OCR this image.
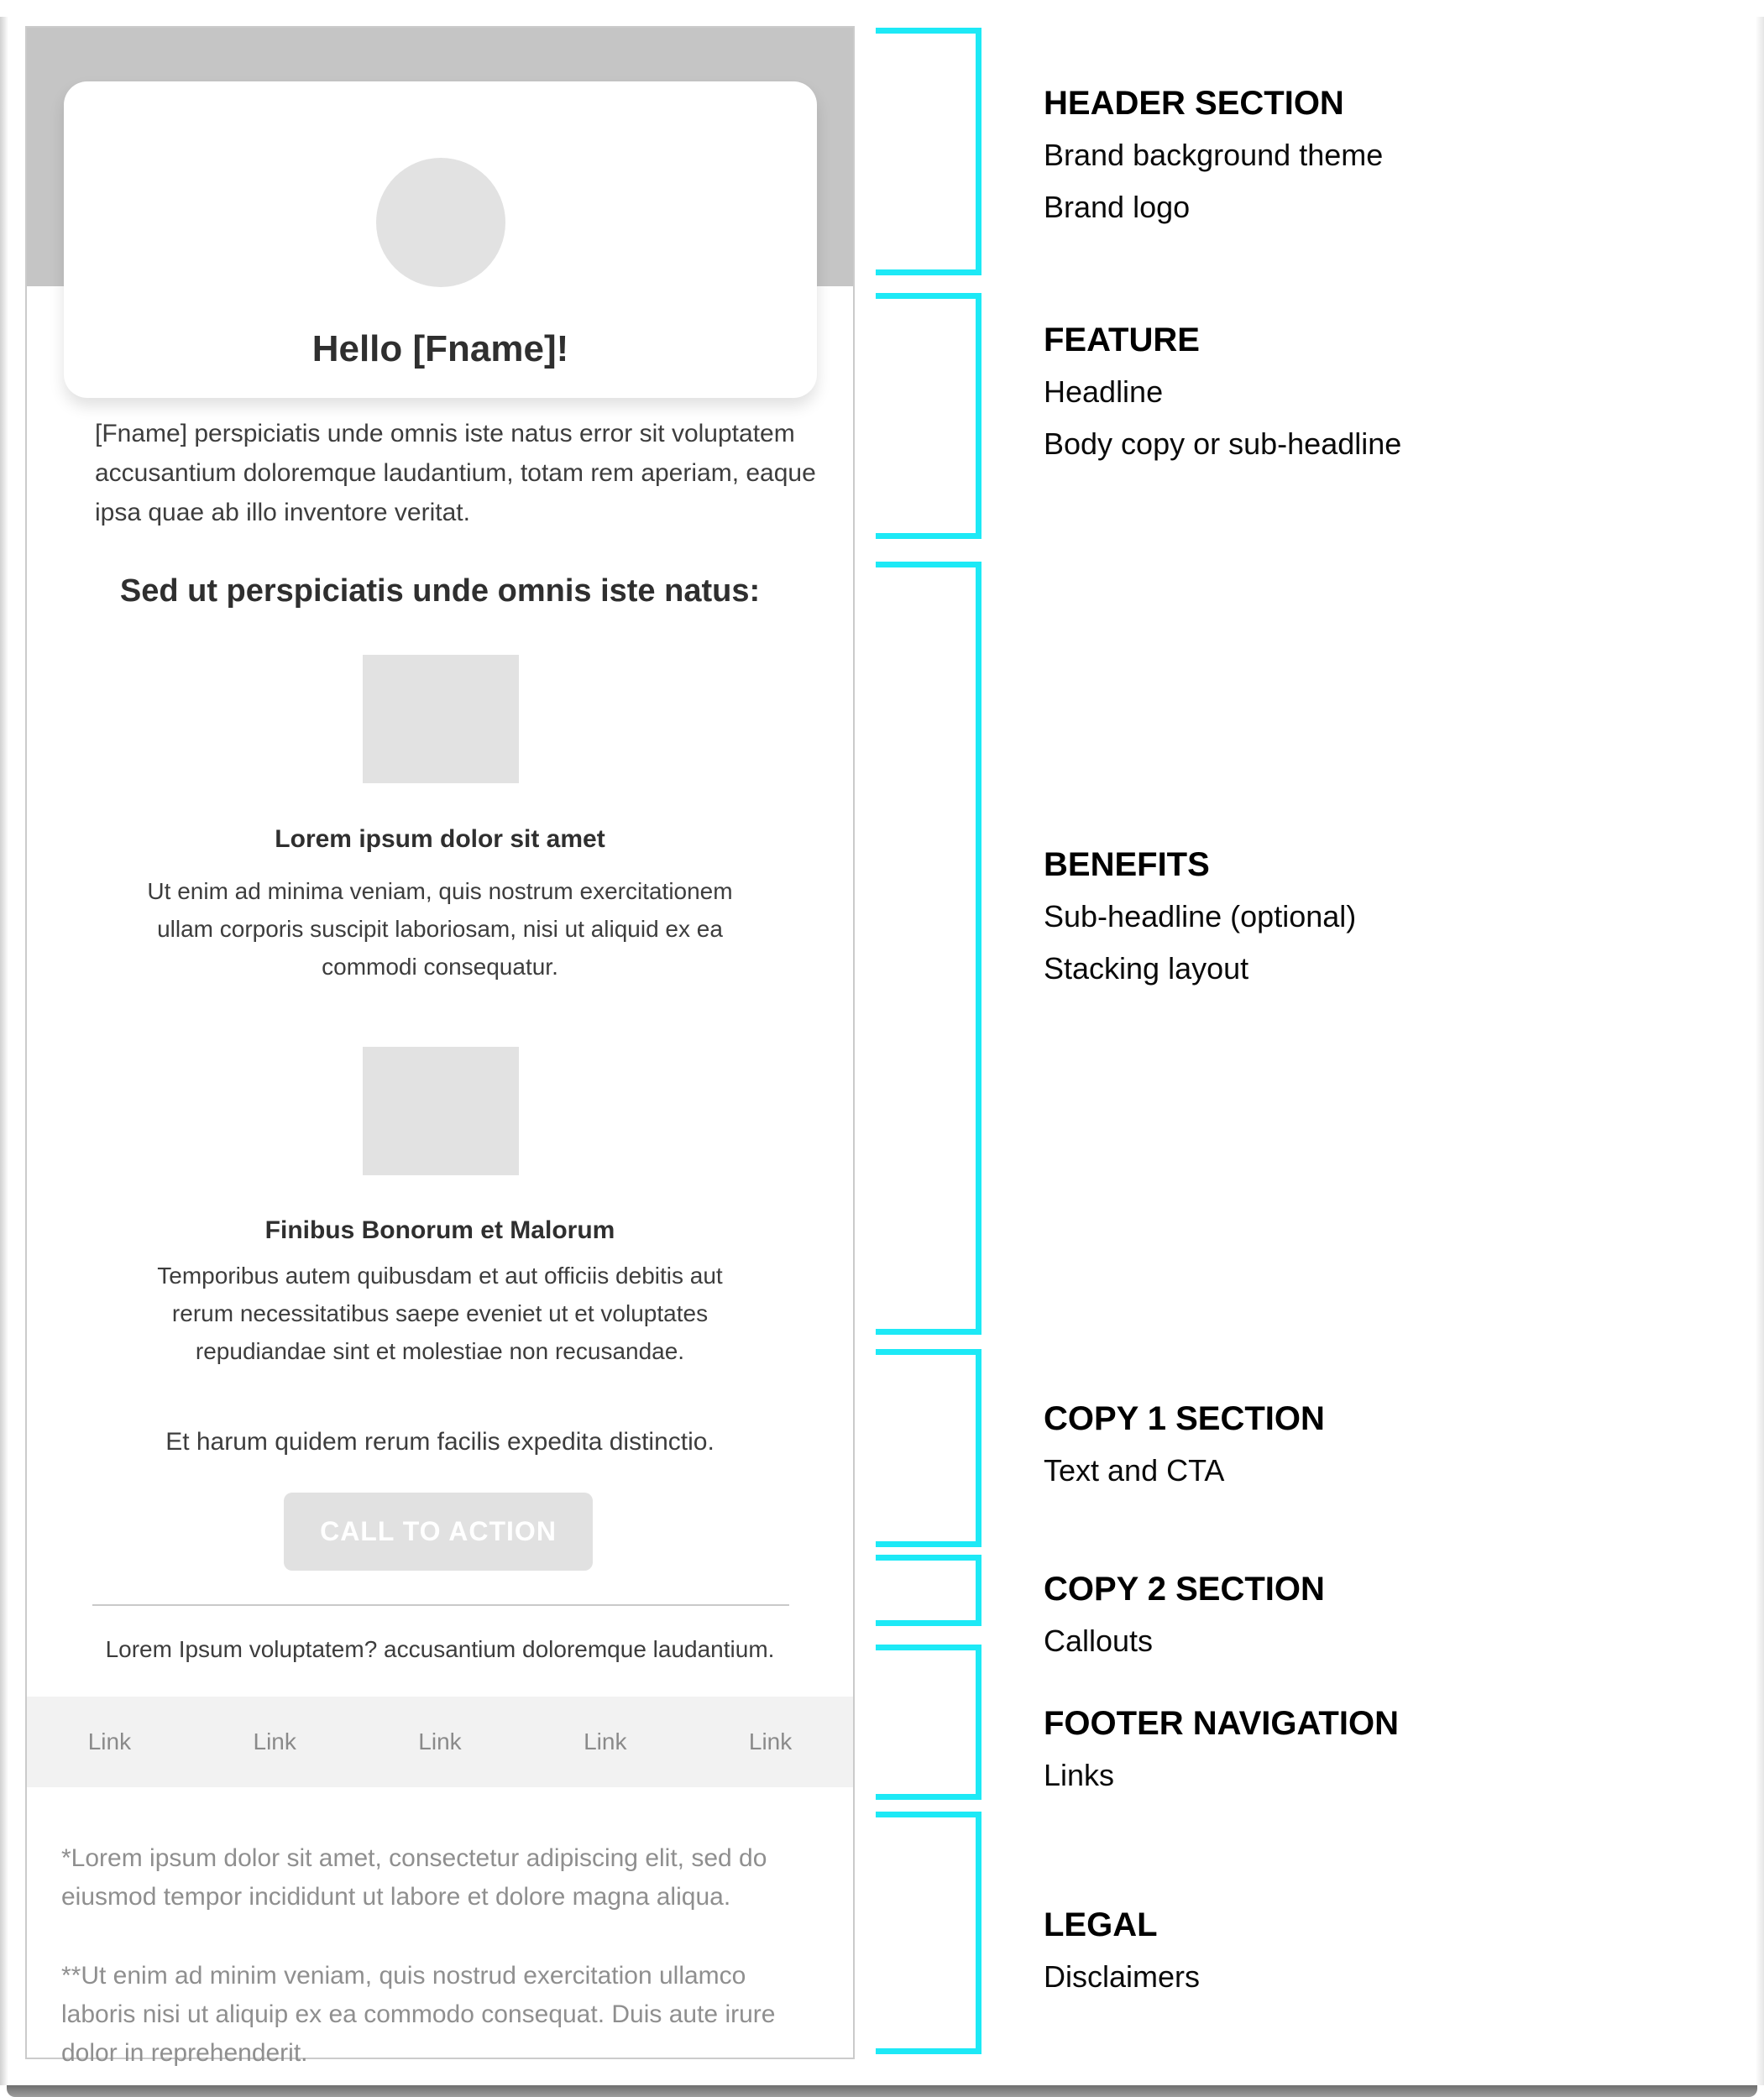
Hello [Fname]!
[Fname] perspiciatis unde omnis iste natus error sit voluptatem accusantium doloremque laudantium, totam rem aperiam, eaque ipsa quae ab illo inventore veritat.
Sed ut perspiciatis unde omnis iste natus:
Lorem ipsum dolor sit amet
Ut enim ad minima veniam, quis nostrum exercitationem ullam corporis suscipit laboriosam, nisi ut aliquid ex ea commodi consequatur.
Finibus Bonorum et Malorum
Temporibus autem quibusdam et aut officiis debitis aut rerum necessitatibus saepe eveniet ut et voluptates repudiandae sint et molestiae non recusandae.
Et harum quidem rerum facilis expedita distinctio.
CALL TO ACTION
Lorem Ipsum voluptatem? accusantium doloremque laudantium.
Link	Link	Link	Link	Link

*Lorem ipsum dolor sit amet, consectetur adipiscing elit, sed do eiusmod tempor incididunt ut labore et dolore magna aliqua.

**Ut enim ad minim veniam, quis nostrud exercitation ullamco laboris nisi ut aliquip ex ea commodo consequat. Duis aute irure dolor in reprehenderit.

HEADER SECTION
Brand background theme
Brand logo
FEATURE
Headline
Body copy or sub-headline
BENEFITS
Sub-headline (optional)
Stacking layout
COPY 1 SECTION
Text and CTA
COPY 2 SECTION
Callouts
FOOTER NAVIGATION
Links
LEGAL
Disclaimers
